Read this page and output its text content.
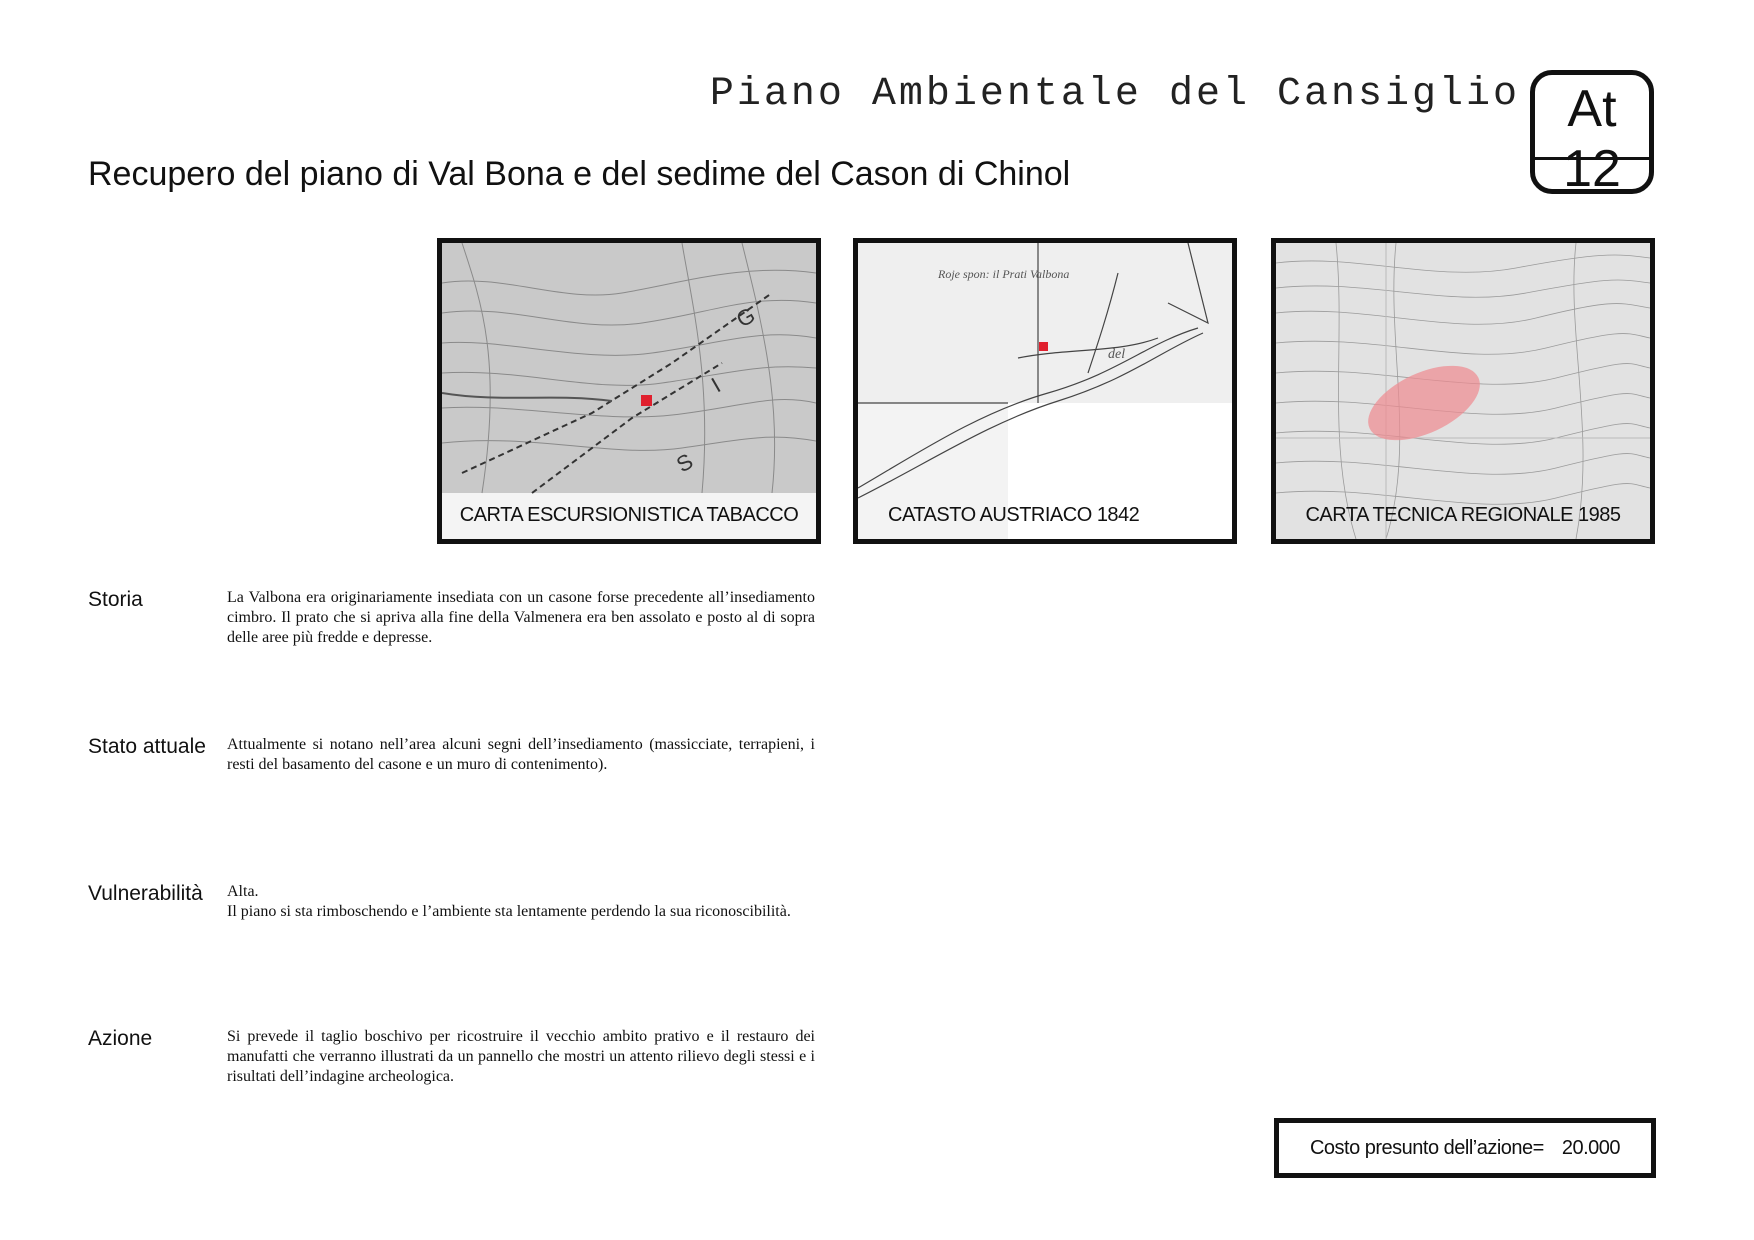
Piano Ambientale del Cansiglio At
12
Recupero del piano di Val Bona e del sedime del Cason di Chinol
G
I
S
CARTA ESCURSIONISTICA TABACCO
Roje spon: il Prati Valbona
del
CATASTO AUSTRIACO 1842	CARTA TECNICA REGIONALE 1985
Storia	La Valbona era originariamente insediata con un casone forse precedente all’insediamento cimbro. Il prato che si apriva alla fine della Valmenera era ben assolato e posto al di sopra delle aree più fredde e depresse.

Stato attuale Attualmente si notano nell’area alcuni segni dell’insediamento (massicciate, terrapieni, i resti del basamento del casone e un muro di contenimento).

Vulnerabilità Alta.

Il piano si sta rimboschendo e l’ambiente sta lentamente perdendo la sua riconoscibilità.

Azione	Si prevede il taglio boschivo per ricostruire il vecchio ambito prativo e il restauro dei manufatti che verranno illustrati da un pannello che mostri un attento rilievo degli stessi e i risultati dell’indagine archeologica.

Costo presunto dell’azione= 20.000
